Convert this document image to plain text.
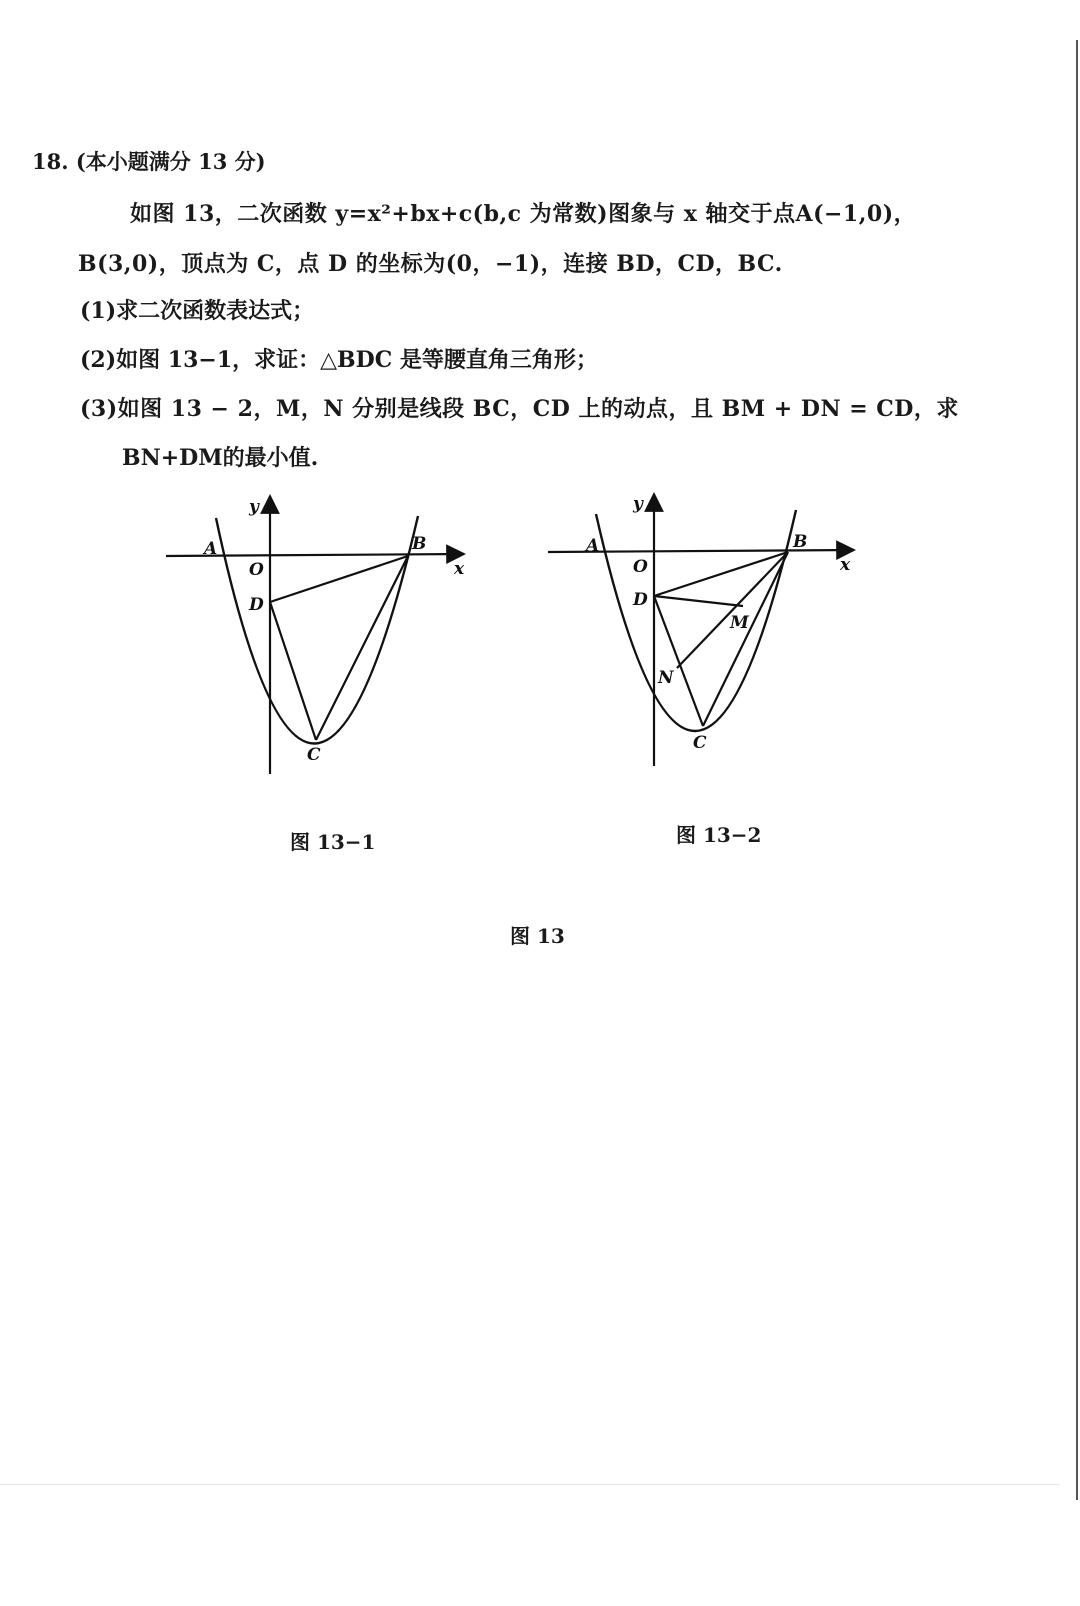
18. (本小题满分 13 分)
如图 13，二次函数 y=x²+bx+c(b,c 为常数)图象与 x 轴交于点A(−1,0)，
B(3,0)，顶点为 C，点 D 的坐标为(0，−1)，连接 BD，CD，BC.
(1)求二次函数表达式；
(2)如图 13−1，求证：△BDC 是等腰直角三角形；
(3)如图 13 − 2，M，N 分别是线段 BC，CD 上的动点，且 BM + DN = CD，求
BN+DM的最小值.
y
x
A	B
O
D
C
y
x
A	B
O
D
M
N
C
图 13−1	图 13−2
图 13
